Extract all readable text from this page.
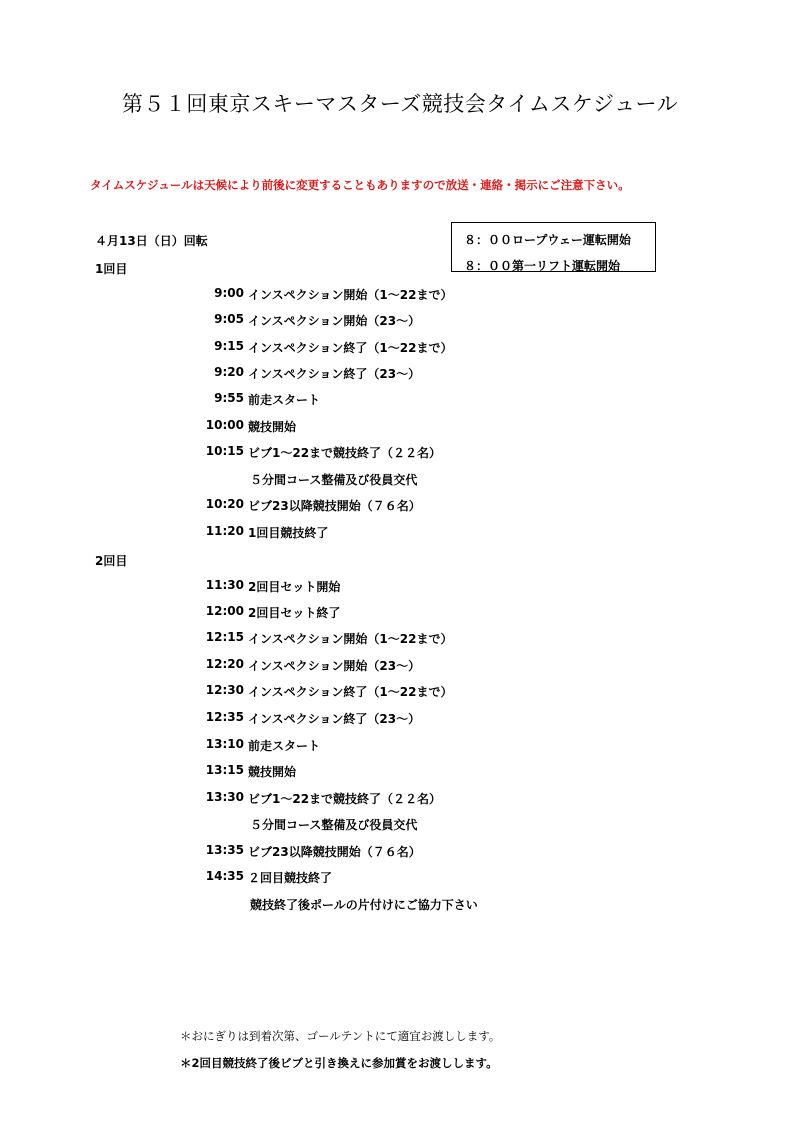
第５１回東京スキーマスターズ競技会タイムスケジュール
タイムスケジュールは天候により前後に変更することもありますので放送・連絡・掲示にご注意下さい。
４月13日（日）回転	８：００ロープウェー運転開始
８：００第一リフト運転開始
1回目
9:00 インスペクション開始（1～22まで）
9:05 インスペクション開始（23～）
9:15 インスペクション終了（1～22まで）
9:20 インスペクション終了（23～）
9:55 前走スタート
10:00 競技開始
10:15 ビブ1～22まで競技終了（２２名）
５分間コース整備及び役員交代
10:20 ビブ23以降競技開始（７６名）
11:20 1回目競技終了
2回目
11:30 2回目セット開始
12:00 2回目セット終了
12:15 インスペクション開始（1～22まで）
12:20 インスペクション開始（23～）
12:30 インスペクション終了（1～22まで）
12:35 インスペクション終了（23～）
13:10 前走スタート
13:15 競技開始
13:30 ビブ1～22まで競技終了（２２名）
５分間コース整備及び役員交代
13:35 ビブ23以降競技開始（７６名）
14:35 ２回目競技終了
競技終了後ポールの片付けにご協力下さい
＊おにぎりは到着次第、ゴールテントにて適宜お渡しします。
＊2回目競技終了後ビブと引き換えに参加賞をお渡しします。
